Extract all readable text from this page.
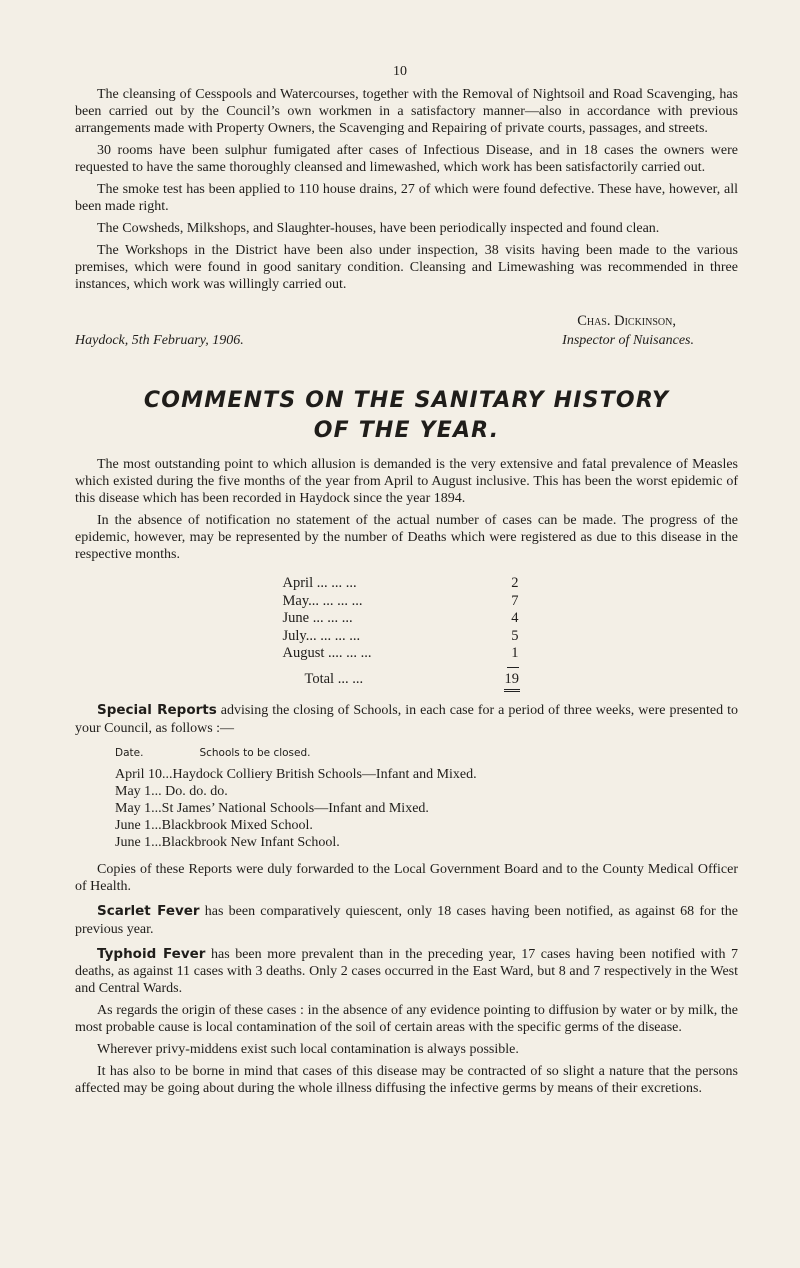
10

The cleansing of Cesspools and Watercourses, together with the Removal of Nightsoil and Road Scavenging, has been carried out by the Council’s own workmen in a satisfactory manner—also in accordance with previous arrangements made with Property Owners, the Scavenging and Repairing of private courts, passages, and streets.

30 rooms have been sulphur fumigated after cases of Infectious Disease, and in 18 cases the owners were requested to have the same thoroughly cleansed and limewashed, which work has been satisfactorily carried out.

The smoke test has been applied to 110 house drains, 27 of which were found defective. These have, however, all been made right.

The Cowsheds, Milkshops, and Slaughter-houses, have been periodically inspected and found clean.

The Workshops in the District have been also under inspection, 38 visits having been made to the various premises, which were found in good sanitary condition. Cleansing and Limewashing was recommended in three instances, which work was willingly carried out.

Chas. Dickinson,
Haydock, 5th February, 1906.	Inspector of Nuisances.
COMMENTS ON THE SANITARY HISTORY
OF THE YEAR.

The most outstanding point to which allusion is demanded is the very extensive and fatal prevalence of Measles which existed during the five months of the year from April to August inclusive. This has been the worst epidemic of this disease which has been recorded in Haydock since the year 1894.

In the absence of notification no statement of the actual number of cases can be made. The progress of the epidemic, however, may be represented by the number of Deaths which were registered as due to this disease in the respective months.

April ... ... ...	2
May... ... ... ...	7
June ... ... ...	4
July... ... ... ...	5
August .... ... ...	1
Total ... ...	19

Special Reports advising the closing of Schools, in each case for a period of three weeks, were presented to your Council, as follows :—

Date.	Schools to be closed.
April 10...Haydock Colliery British Schools—Infant and Mixed.
May 1... Do. do. do.
May 1...St James’ National Schools—Infant and Mixed.
June 1...Blackbrook Mixed School.
June 1...Blackbrook New Infant School.

Copies of these Reports were duly forwarded to the Local Government Board and to the County Medical Officer of Health.

Scarlet Fever has been comparatively quiescent, only 18 cases having been notified, as against 68 for the previous year.

Typhoid Fever has been more prevalent than in the preceding year, 17 cases having been notified with 7 deaths, as against 11 cases with 3 deaths. Only 2 cases occurred in the East Ward, but 8 and 7 respectively in the West and Central Wards.

As regards the origin of these cases : in the absence of any evidence pointing to diffusion by water or by milk, the most probable cause is local contamination of the soil of certain areas with the specific germs of the disease.

Wherever privy-middens exist such local contamination is always possible.

It has also to be borne in mind that cases of this disease may be contracted of so slight a nature that the persons affected may be going about during the whole illness diffusing the infective germs by means of their excretions.
